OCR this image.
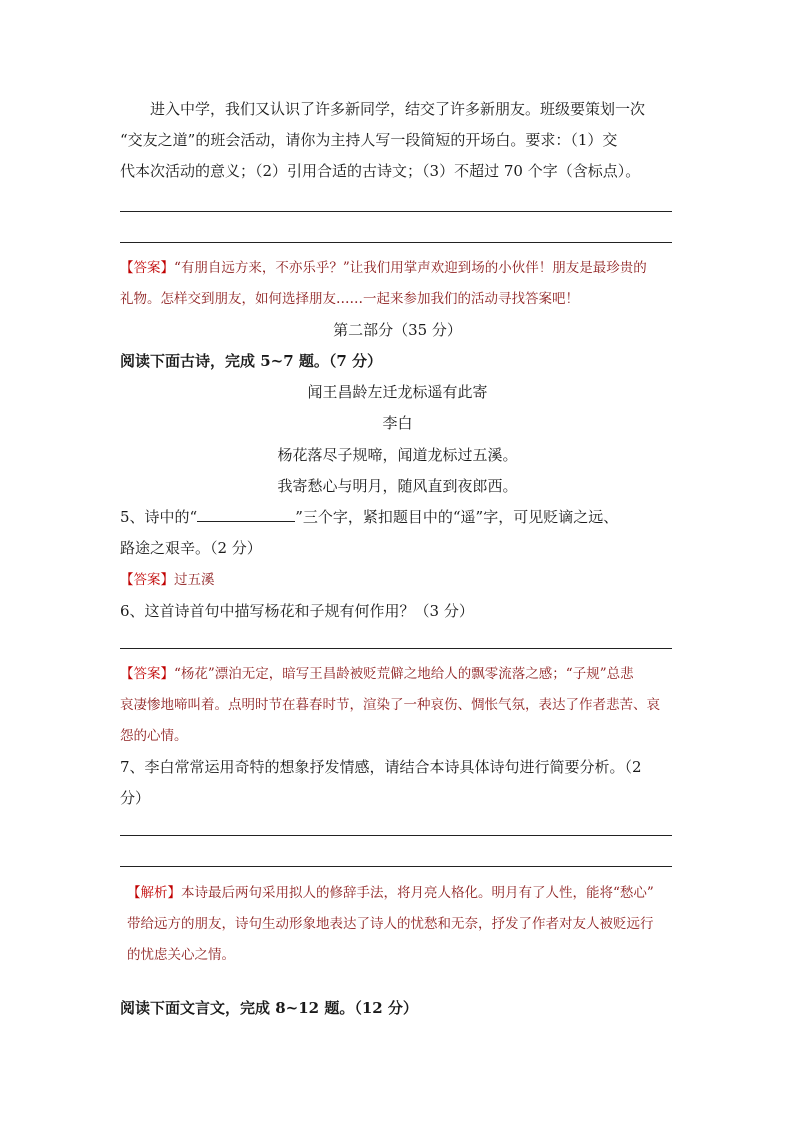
进入中学，我们又认识了许多新同学，结交了许多新朋友。班级要策划一次

“交友之道”的班会活动，请你为主持人写一段简短的开场白。要求：（1）交

代本次活动的意义；（2）引用合适的古诗文；（3）不超过 70 个字（含标点）。

【答案】“有朋自远方来，不亦乐乎？”让我们用掌声欢迎到场的小伙伴！朋友是最珍贵的
礼物。怎样交到朋友，如何选择朋友……一起来参加我们的活动寻找答案吧！

第二部分（35 分）

阅读下面古诗，完成 5~7 题。（7 分）

闻王昌龄左迁龙标遥有此寄

李白

杨花落尽子规啼，闻道龙标过五溪。

我寄愁心与明月，随风直到夜郎西。

5、诗中的“	”三个字，紧扣题目中的“遥”字，可见贬谪之远、

路途之艰辛。（2 分）

【答案】过五溪

6、这首诗首句中描写杨花和子规有何作用？（3 分）

【答案】“杨花”漂泊无定，暗写王昌龄被贬荒僻之地给人的飘零流落之感；“子规”总悲
哀凄惨地啼叫着。点明时节在暮春时节，渲染了一种哀伤、惆怅气氛，表达了作者悲苦、哀
怨的心情。

7、李白常常运用奇特的想象抒发情感，请结合本诗具体诗句进行简要分析。（2

分）

【解析】本诗最后两句采用拟人的修辞手法，将月亮人格化。明月有了人性，能将“愁心”
带给远方的朋友，诗句生动形象地表达了诗人的忧愁和无奈，抒发了作者对友人被贬远行
的忧虑关心之情。

阅读下面文言文，完成 8~12 题。（12 分）
